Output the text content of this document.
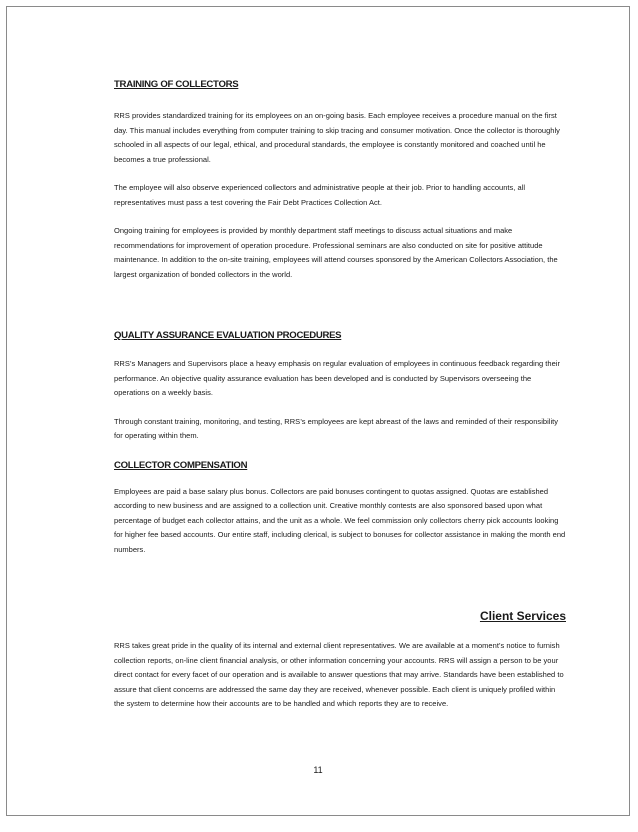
TRAINING OF COLLECTORS

RRS provides standardized training for its employees on an on-going basis. Each employee receives a procedure manual on the first day. This manual includes everything from computer training to skip tracing and consumer motivation. Once the collector is thoroughly schooled in all aspects of our legal, ethical, and procedural standards, the employee is constantly monitored and coached until he becomes a true professional.

The employee will also observe experienced collectors and administrative people at their job. Prior to handling accounts, all representatives must pass a test covering the Fair Debt Practices Collection Act.

Ongoing training for employees is provided by monthly department staff meetings to discuss actual situations and make recommendations for improvement of operation procedure. Professional seminars are also conducted on site for positive attitude maintenance. In addition to the on-site training, employees will attend courses sponsored by the American Collectors Association, the largest organization of bonded collectors in the world.

QUALITY ASSURANCE EVALUATION PROCEDURES

RRS’s Managers and Supervisors place a heavy emphasis on regular evaluation of employees in continuous feedback regarding their performance. An objective quality assurance evaluation has been developed and is conducted by Supervisors overseeing the operations on a weekly basis.

Through constant training, monitoring, and testing, RRS’s employees are kept abreast of the laws and reminded of their responsibility for operating within them.

COLLECTOR COMPENSATION

Employees are paid a base salary plus bonus. Collectors are paid bonuses contingent to quotas assigned. Quotas are established according to new business and are assigned to a collection unit. Creative monthly contests are also sponsored based upon what percentage of budget each collector attains, and the unit as a whole. We feel commission only collectors cherry pick accounts looking for higher fee based accounts. Our entire staff, including clerical, is subject to bonuses for collector assistance in making the month end numbers.

Client Services

RRS takes great pride in the quality of its internal and external client representatives. We are available at a moment’s notice to furnish collection reports, on-line client financial analysis, or other information concerning your accounts. RRS will assign a person to be your direct contact for every facet of our operation and is available to answer questions that may arrive. Standards have been established to assure that client concerns are addressed the same day they are received, whenever possible. Each client is uniquely profiled within the system to determine how their accounts are to be handled and which reports they are to receive.

11
